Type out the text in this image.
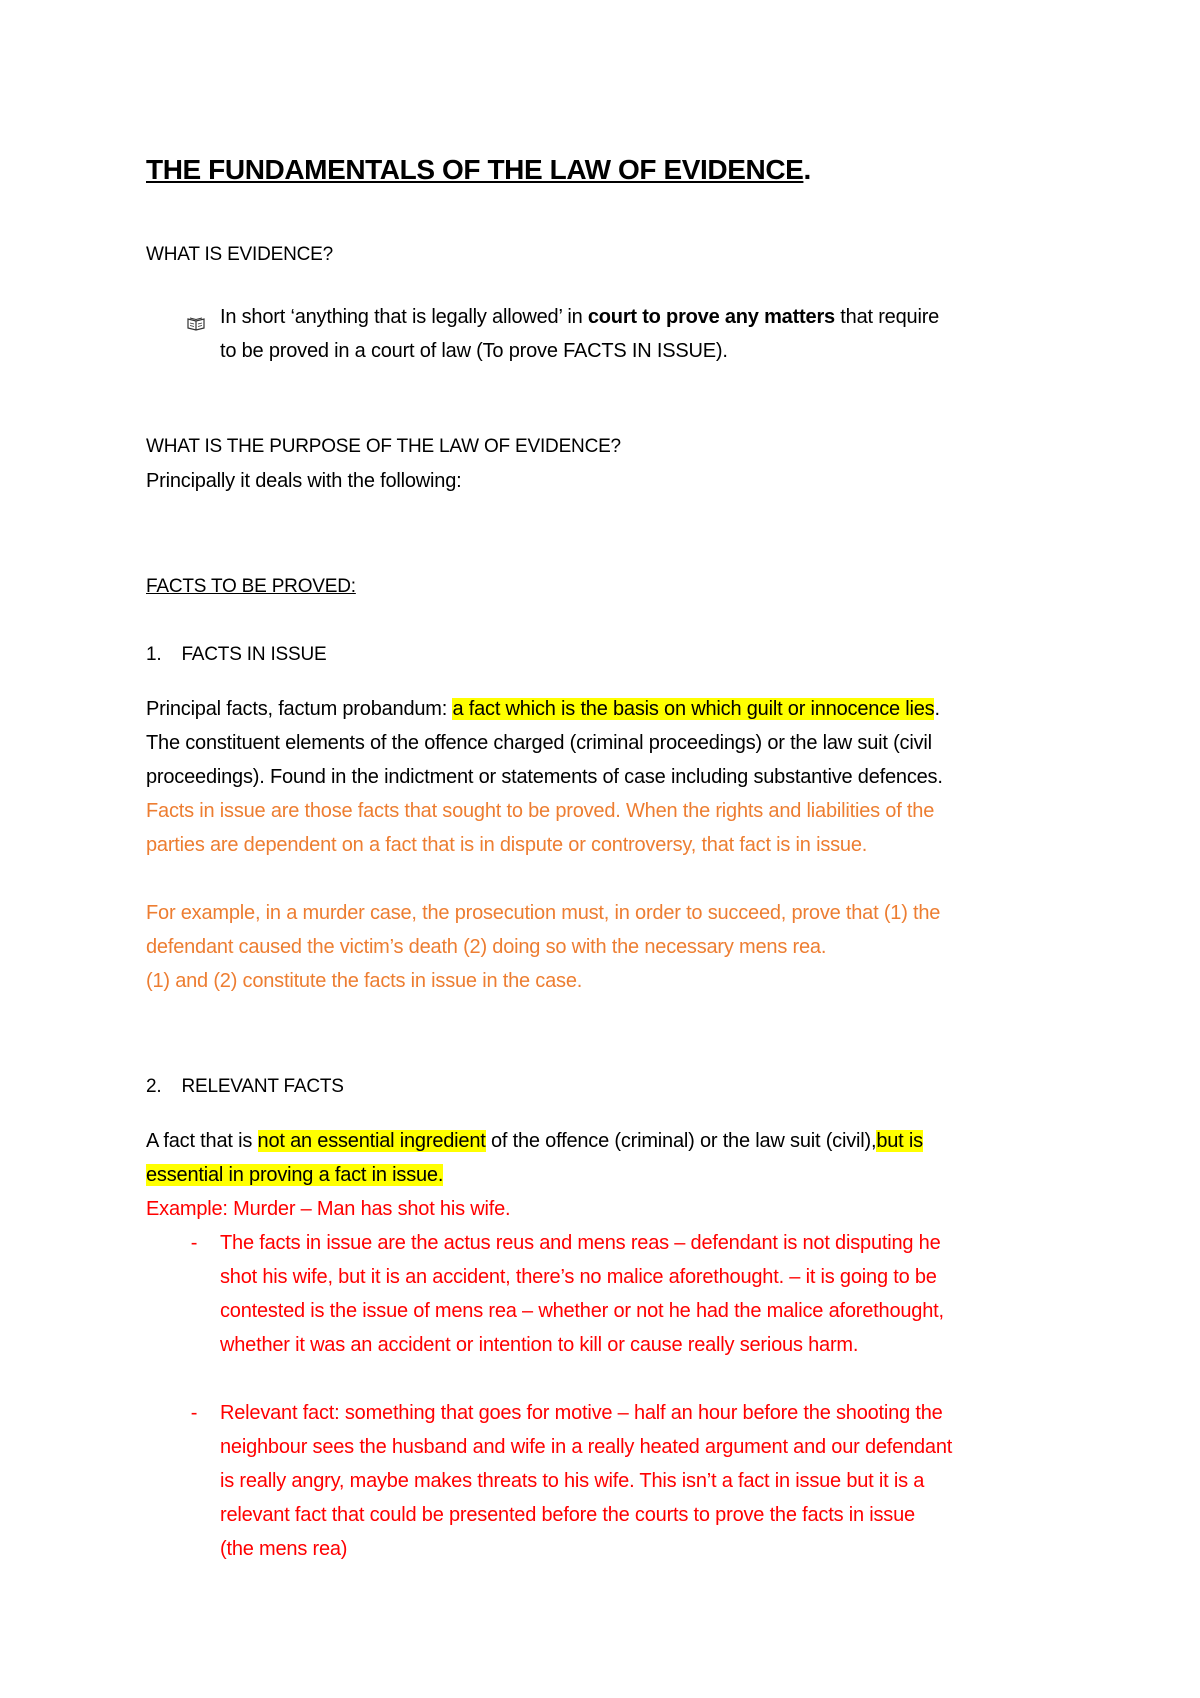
THE FUNDAMENTALS OF THE LAW OF EVIDENCE.
WHAT IS EVIDENCE?
In short ‘anything that is legally allowed’ in court to prove any matters that require
to be proved in a court of law (To prove FACTS IN ISSUE).
WHAT IS THE PURPOSE OF THE LAW OF EVIDENCE?
Principally it deals with the following:
FACTS TO BE PROVED:
1. FACTS IN ISSUE
Principal facts, factum probandum: a fact which is the basis on which guilt or innocence lies.
The constituent elements of the offence charged (criminal proceedings) or the law suit (civil
proceedings). Found in the indictment or statements of case including substantive defences.
Facts in issue are those facts that sought to be proved. When the rights and liabilities of the
parties are dependent on a fact that is in dispute or controversy, that fact is in issue.
For example, in a murder case, the prosecution must, in order to succeed, prove that (1) the
defendant caused the victim’s death (2) doing so with the necessary mens rea.
(1) and (2) constitute the facts in issue in the case.
2. RELEVANT FACTS
A fact that is not an essential ingredient of the offence (criminal) or the law suit (civil),but is
essential in proving a fact in issue.
Example: Murder – Man has shot his wife.
-	The facts in issue are the actus reus and mens reas – defendant is not disputing he
shot his wife, but it is an accident, there’s no malice aforethought. – it is going to be
contested is the issue of mens rea – whether or not he had the malice aforethought,
whether it was an accident or intention to kill or cause really serious harm.
-	Relevant fact: something that goes for motive – half an hour before the shooting the
neighbour sees the husband and wife in a really heated argument and our defendant
is really angry, maybe makes threats to his wife. This isn’t a fact in issue but it is a
relevant fact that could be presented before the courts to prove the facts in issue
(the mens rea)
